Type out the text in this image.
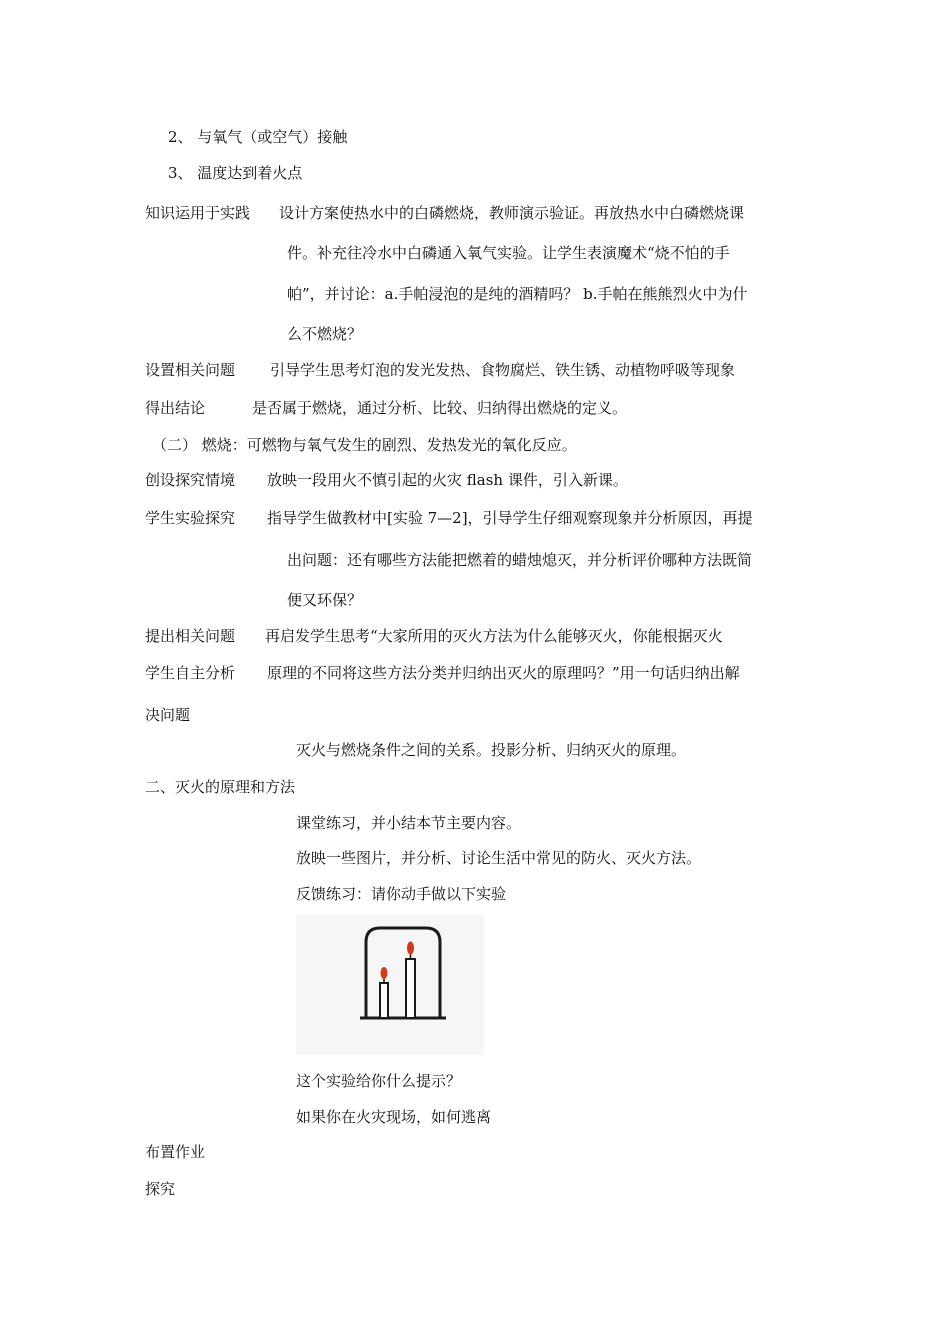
2、 与氧气（或空气）接触
3、 温度达到着火点
知识运用于实践 设计方案使热水中的白磷燃烧，教师演示验证。再放热水中白磷燃烧课
件。补充往冷水中白磷通入氧气实验。让学生表演魔术“烧不怕的手
帕”，并讨论：a.手帕浸泡的是纯的酒精吗？ b.手帕在熊熊烈火中为什
么不燃烧？
设置相关问题 引导学生思考灯泡的发光发热、食物腐烂、铁生锈、动植物呼吸等现象
得出结论	是否属于燃烧，通过分析、比较、归纳得出燃烧的定义。
（二） 燃烧：可燃物与氧气发生的剧烈、发热发光的氧化反应。
创设探究情境 放映一段用火不慎引起的火灾 flash 课件，引入新课。
学生实验探究 指导学生做教材中[实验 7—2]，引导学生仔细观察现象并分析原因，再提
出问题：还有哪些方法能把燃着的蜡烛熄灭，并分析评价哪种方法既简
便又环保？
提出相关问题 再启发学生思考“大家所用的灭火方法为什么能够灭火，你能根据灭火
学生自主分析 原理的不同将这些方法分类并归纳出灭火的原理吗？”用一句话归纳出解
决问题
灭火与燃烧条件之间的关系。投影分析、归纳灭火的原理。
二、灭火的原理和方法
课堂练习，并小结本节主要内容。
放映一些图片，并分析、讨论生活中常见的防火、灭火方法。
反馈练习：请你动手做以下实验
这个实验给你什么提示？
如果你在火灾现场，如何逃离
布置作业
探究
